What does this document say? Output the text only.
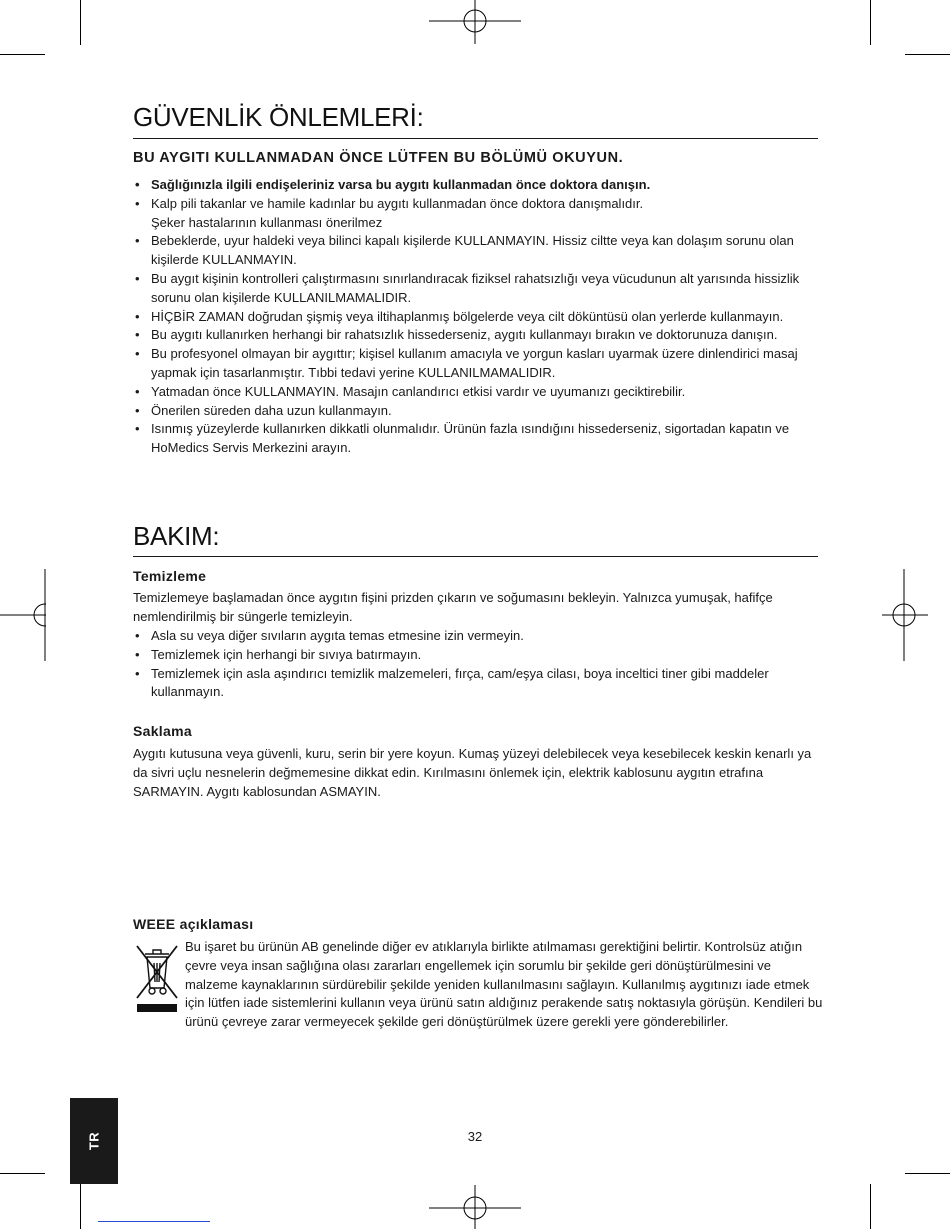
GÜVENLİK ÖNLEMLERİ:
BU AYGITI KULLANMADAN ÖNCE LÜTFEN BU BÖLÜMÜ OKUYUN.
• Sağlığınızla ilgili endişeleriniz varsa bu aygıtı kullanmadan önce doktora danışın.
• Kalp pili takanlar ve hamile kadınlar bu aygıtı kullanmadan önce doktora danışmalıdır.
Şeker hastalarının kullanması önerilmez
• Bebeklerde, uyur haldeki veya bilinci kapalı kişilerde KULLANMAYIN. Hissiz ciltte veya kan dolaşım sorunu olan kişilerde KULLANMAYIN.
• Bu aygıt kişinin kontrolleri çalıştırmasını sınırlandıracak fiziksel rahatsızlığı veya vücudunun alt yarısında hissizlik sorunu olan kişilerde KULLANILMAMALIDIR.
• HİÇBİR ZAMAN doğrudan şişmiş veya iltihaplanmış bölgelerde veya cilt döküntüsü olan yerlerde kullanmayın.
• Bu aygıtı kullanırken herhangi bir rahatsızlık hissederseniz, aygıtı kullanmayı bırakın ve doktorunuza danışın.
• Bu profesyonel olmayan bir aygıttır; kişisel kullanım amacıyla ve yorgun kasları uyarmak üzere dinlendirici masaj yapmak için tasarlanmıştır. Tıbbi tedavi yerine KULLANILMAMALIDIR.
• Yatmadan önce KULLANMAYIN. Masajın canlandırıcı etkisi vardır ve uyumanızı geciktirebilir.
• Önerilen süreden daha uzun kullanmayın.
• Isınmış yüzeylerde kullanırken dikkatli olunmalıdır. Ürünün fazla ısındığını hissederseniz, sigortadan kapatın ve HoMedics Servis Merkezini arayın.
BAKIM:
Temizleme

Temizlemeye başlamadan önce aygıtın fişini prizden çıkarın ve soğumasını bekleyin. Yalnızca yumuşak, hafifçe nemlendirilmiş bir süngerle temizleyin.

• Asla su veya diğer sıvıların aygıta temas etmesine izin vermeyin.
• Temizlemek için herhangi bir sıvıya batırmayın.
• Temizlemek için asla aşındırıcı temizlik malzemeleri, fırça, cam/eşya cilası, boya inceltici tiner gibi maddeler kullanmayın.
Saklama

Aygıtı kutusuna veya güvenli, kuru, serin bir yere koyun. Kumaş yüzeyi delebilecek veya kesebilecek keskin kenarlı ya da sivri uçlu nesnelerin değmemesine dikkat edin. Kırılmasını önlemek için, elektrik kablosunu aygıtın etrafına SARMAYIN. Aygıtı kablosundan ASMAYIN.

WEEE açıklaması
Bu işaret bu ürünün AB genelinde diğer ev atıklarıyla birlikte atılmaması gerektiğini belirtir. Kontrolsüz atığın çevre veya insan sağlığına olası zararları engellemek için sorumlu bir şekilde geri dönüştürülmesini ve malzeme kaynaklarının sürdürebilir şekilde yeniden kullanılmasını sağlayın. Kullanılmış aygıtınızı iade etmek için lütfen iade sistemlerini kullanın veya ürünü satın aldığınız perakende satış noktasıyla görüşün. Kendileri bu ürünü çevreye zarar vermeyecek şekilde geri dönüştürülmek üzere gerekli yere gönderebilirler.
TR	32
